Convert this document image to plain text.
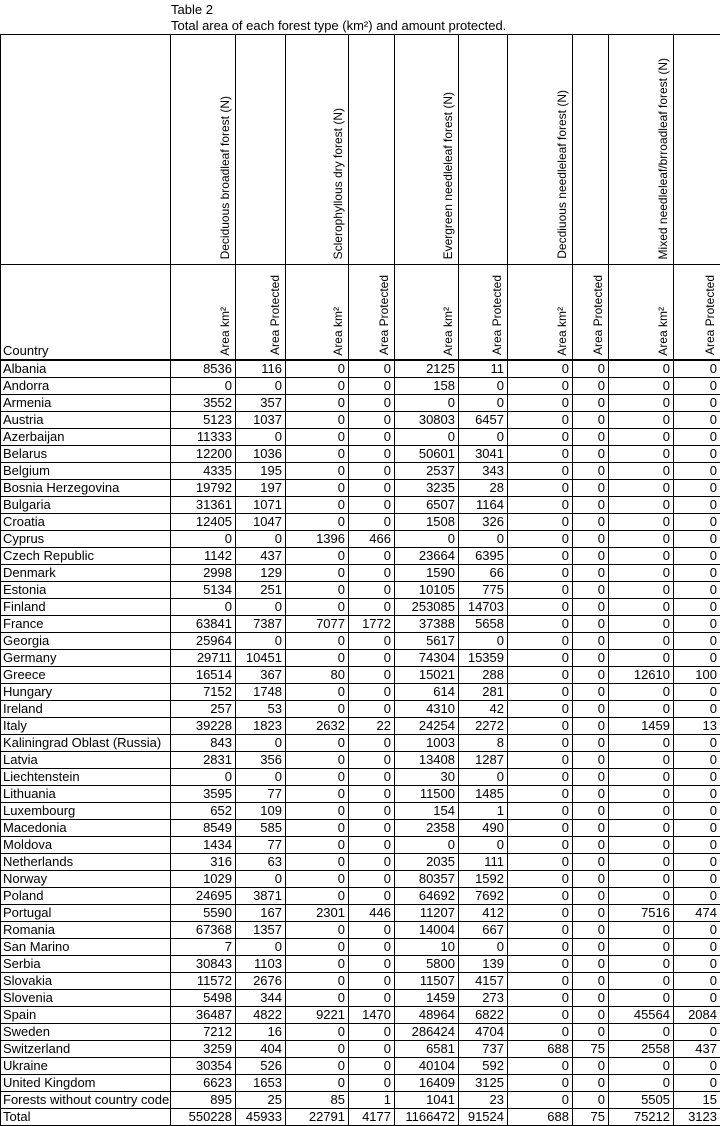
Table 2
Total area of each forest type (km²) and amount protected.

	Deciduous broadleaf forest (N)		Sclerophyllous dry forest (N)		Evergreen needleleaf forest (N)		Decdiuous needleleaf forest (N)		Mixed needleleaf/brroadleaf forest (N)	

Country	Area km²	Area Protected	Area km²	Area Protected	Area km²	Area Protected	Area km²	Area Protected	Area km²	Area Protected

Albania	8536	116	0	0	2125	11	0	0	0	0
Andorra	0	0	0	0	158	0	0	0	0	0
Armenia	3552	357	0	0	0	0	0	0	0	0
Austria	5123	1037	0	0	30803	6457	0	0	0	0
Azerbaijan	11333	0	0	0	0	0	0	0	0	0
Belarus	12200	1036	0	0	50601	3041	0	0	0	0
Belgium	4335	195	0	0	2537	343	0	0	0	0
Bosnia Herzegovina	19792	197	0	0	3235	28	0	0	0	0
Bulgaria	31361	1071	0	0	6507	1164	0	0	0	0
Croatia	12405	1047	0	0	1508	326	0	0	0	0
Cyprus	0	0	1396	466	0	0	0	0	0	0
Czech Republic	1142	437	0	0	23664	6395	0	0	0	0
Denmark	2998	129	0	0	1590	66	0	0	0	0
Estonia	5134	251	0	0	10105	775	0	0	0	0
Finland	0	0	0	0	253085	14703	0	0	0	0
France	63841	7387	7077	1772	37388	5658	0	0	0	0
Georgia	25964	0	0	0	5617	0	0	0	0	0
Germany	29711	10451	0	0	74304	15359	0	0	0	0
Greece	16514	367	80	0	15021	288	0	0	12610	100
Hungary	7152	1748	0	0	614	281	0	0	0	0
Ireland	257	53	0	0	4310	42	0	0	0	0
Italy	39228	1823	2632	22	24254	2272	0	0	1459	13
Kaliningrad Oblast (Russia)	843	0	0	0	1003	8	0	0	0	0
Latvia	2831	356	0	0	13408	1287	0	0	0	0
Liechtenstein	0	0	0	0	30	0	0	0	0	0
Lithuania	3595	77	0	0	11500	1485	0	0	0	0
Luxembourg	652	109	0	0	154	1	0	0	0	0
Macedonia	8549	585	0	0	2358	490	0	0	0	0
Moldova	1434	77	0	0	0	0	0	0	0	0
Netherlands	316	63	0	0	2035	111	0	0	0	0
Norway	1029	0	0	0	80357	1592	0	0	0	0
Poland	24695	3871	0	0	64692	7692	0	0	0	0
Portugal	5590	167	2301	446	11207	412	0	0	7516	474
Romania	67368	1357	0	0	14004	667	0	0	0	0
San Marino	7	0	0	0	10	0	0	0	0	0
Serbia	30843	1103	0	0	5800	139	0	0	0	0
Slovakia	11572	2676	0	0	11507	4157	0	0	0	0
Slovenia	5498	344	0	0	1459	273	0	0	0	0
Spain	36487	4822	9221	1470	48964	6822	0	0	45564	2084
Sweden	7212	16	0	0	286424	4704	0	0	0	0
Switzerland	3259	404	0	0	6581	737	688	75	2558	437
Ukraine	30354	526	0	0	40104	592	0	0	0	0
United Kingdom	6623	1653	0	0	16409	3125	0	0	0	0
Forests without country code	895	25	85	1	1041	23	0	0	5505	15
Total	550228	45933	22791	4177	1166472	91524	688	75	75212	3123
